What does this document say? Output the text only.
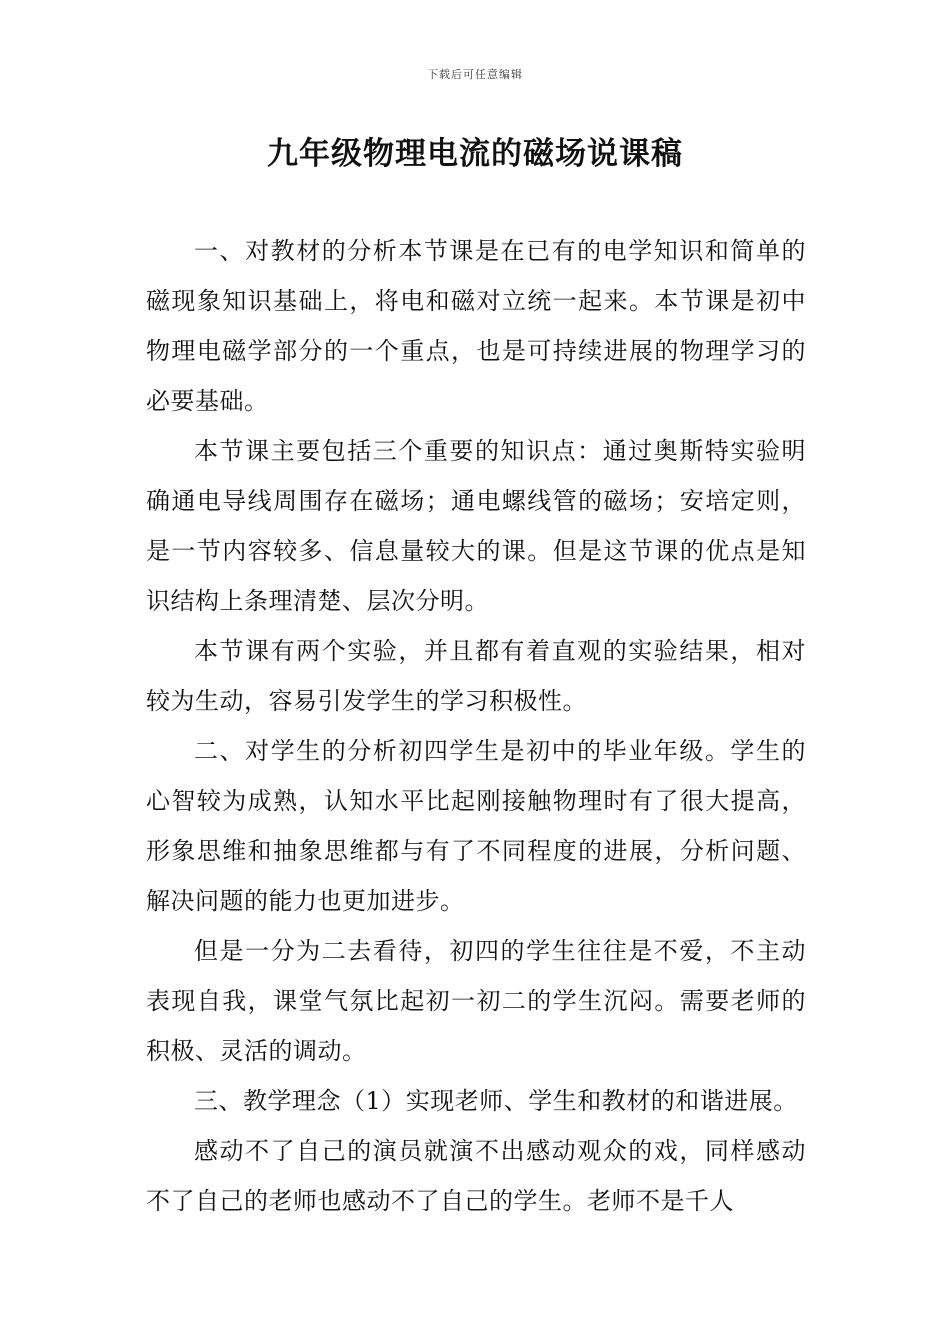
下载后可任意编辑
九年级物理电流的磁场说课稿

一、对教材的分析本节课是在已有的电学知识和简单的磁现象知识基础上，将电和磁对立统一起来。本节课是初中物理电磁学部分的一个重点，也是可持续进展的物理学习的必要基础。

本节课主要包括三个重要的知识点：通过奥斯特实验明确通电导线周围存在磁场；通电螺线管的磁场；安培定则，是一节内容较多、信息量较大的课。但是这节课的优点是知识结构上条理清楚、层次分明。

本节课有两个实验，并且都有着直观的实验结果，相对较为生动，容易引发学生的学习积极性。

二、对学生的分析初四学生是初中的毕业年级。学生的心智较为成熟，认知水平比起刚接触物理时有了很大提高，形象思维和抽象思维都与有了不同程度的进展，分析问题、解决问题的能力也更加进步。

但是一分为二去看待，初四的学生往往是不爱，不主动表现自我，课堂气氛比起初一初二的学生沉闷。需要老师的积极、灵活的调动。

三、教学理念（1）实现老师、学生和教材的和谐进展。

感动不了自己的演员就演不出感动观众的戏，同样感动不了自己的老师也感动不了自己的学生。老师不是千人
